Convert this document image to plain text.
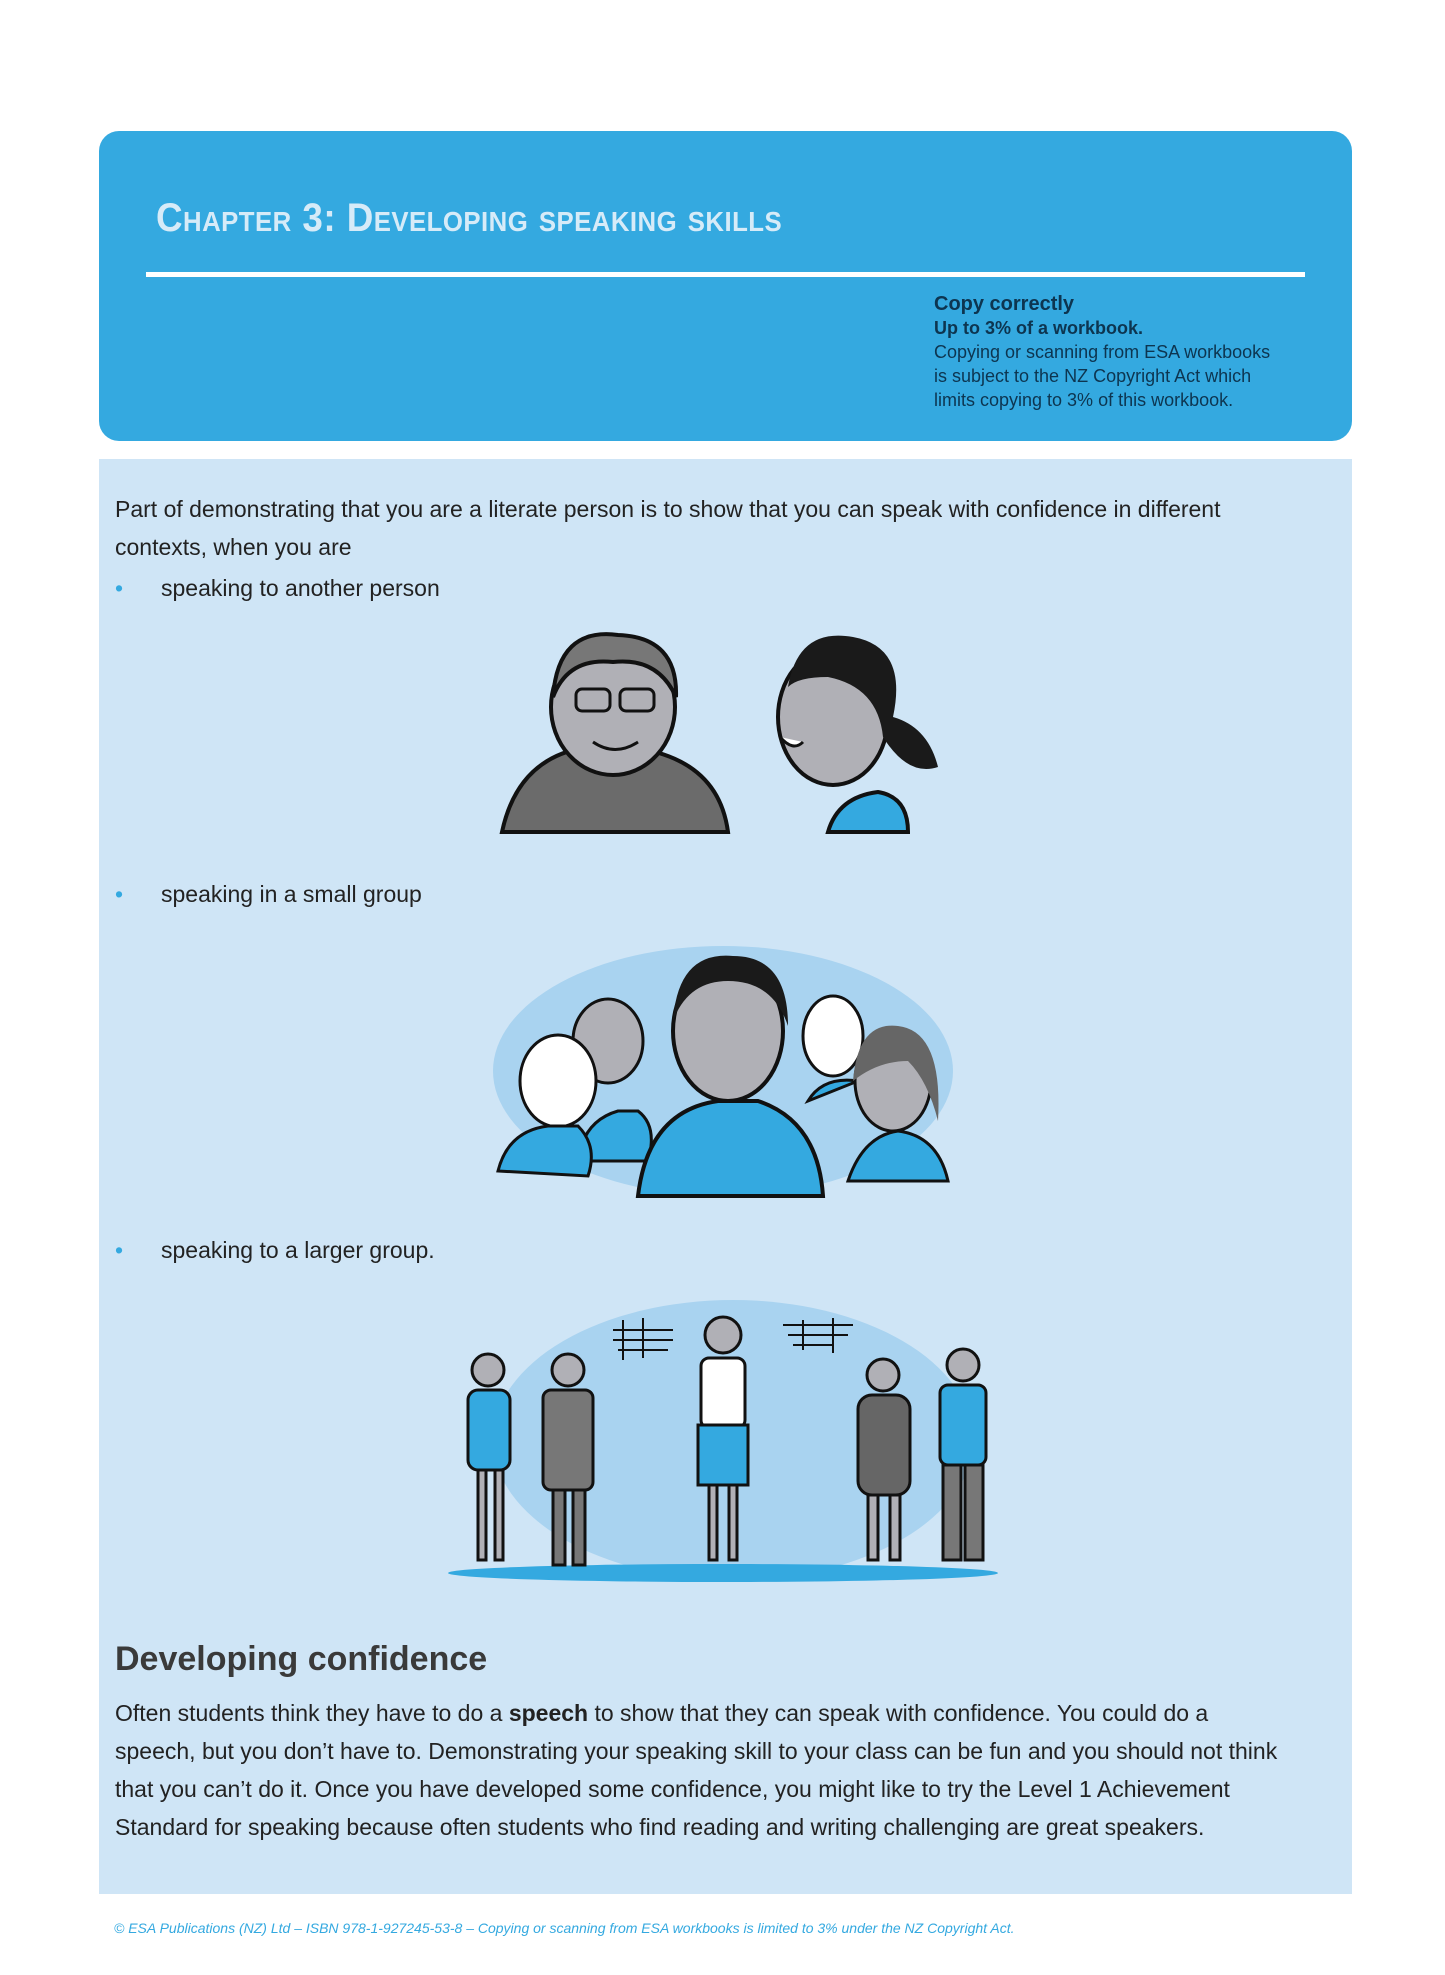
Chapter 3: Developing speaking skills
Copy correctly
Up to 3% of a workbook.
Copying or scanning from ESA workbooks
is subject to the NZ Copyright Act which
limits copying to 3% of this workbook.
Part of demonstrating that you are a literate person is to show that you can speak with confidence in different contexts, when you are
• speaking to another person
• speaking in a small group
• speaking to a larger group.
Developing confidence
Often students think they have to do a speech to show that they can speak with confidence. You could do a speech, but you don’t have to. Demonstrating your speaking skill to your class can be fun and you should not think that you can’t do it. Once you have developed some confidence, you might like to try the Level 1 Achievement Standard for speaking because often students who find reading and writing challenging are great speakers.
© ESA Publications (NZ) Ltd – ISBN 978-1-927245-53-8 – Copying or scanning from ESA workbooks is limited to 3% under the NZ Copyright Act.
